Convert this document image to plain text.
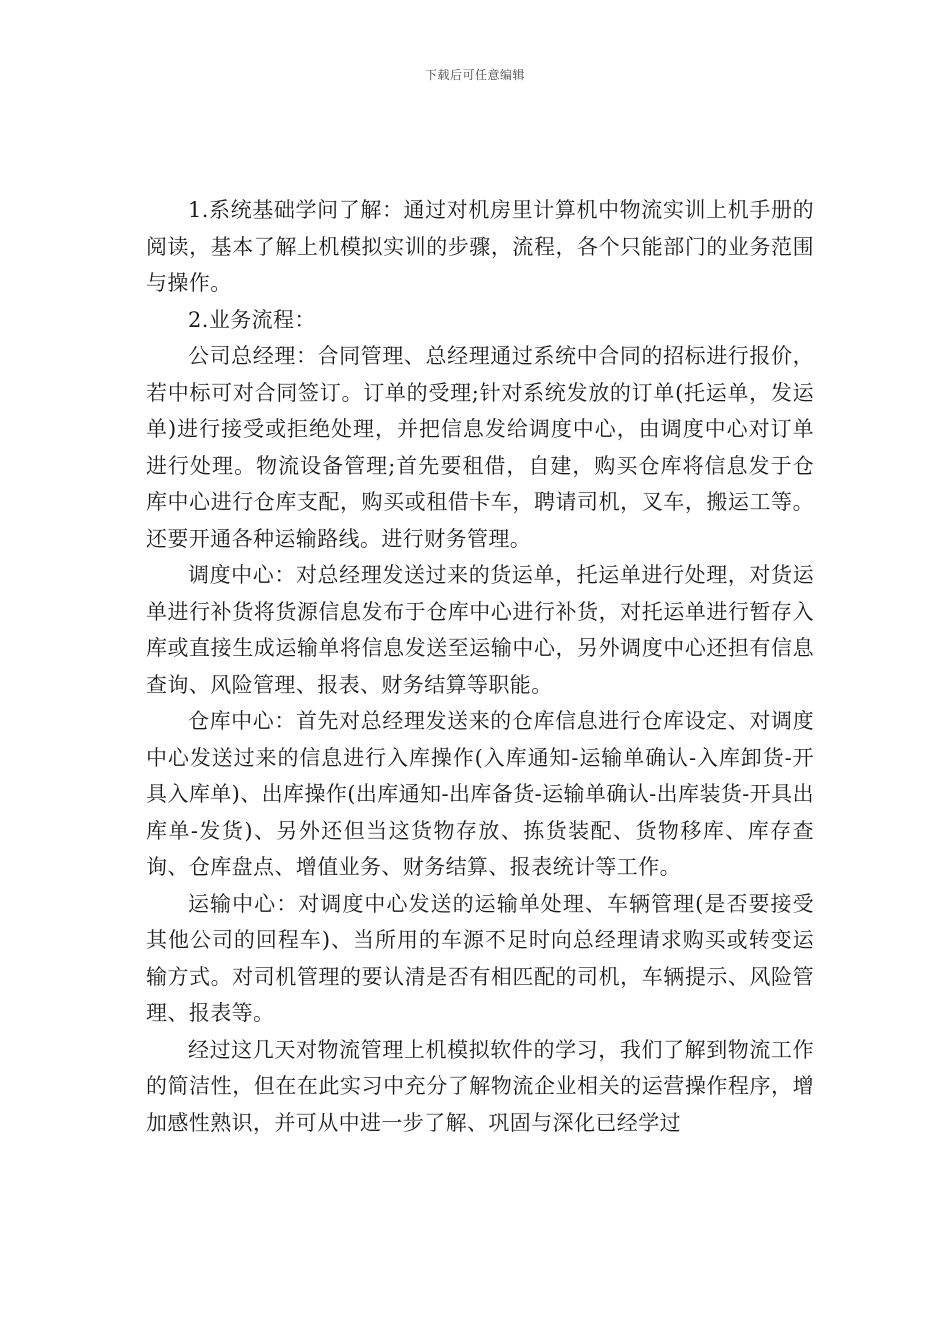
下载后可任意编辑

1.系统基础学问了解：通过对机房里计算机中物流实训上机手册的阅读，基本了解上机模拟实训的步骤，流程，各个只能部门的业务范围与操作。

2.业务流程：

公司总经理：合同管理、总经理通过系统中合同的招标进行报价，若中标可对合同签订。订单的受理;针对系统发放的订单(托运单，发运单)进行接受或拒绝处理，并把信息发给调度中心，由调度中心对订单进行处理。物流设备管理;首先要租借，自建，购买仓库将信息发于仓库中心进行仓库支配，购买或租借卡车，聘请司机，叉车，搬运工等。还要开通各种运输路线。进行财务管理。

调度中心：对总经理发送过来的货运单，托运单进行处理，对货运单进行补货将货源信息发布于仓库中心进行补货，对托运单进行暂存入库或直接生成运输单将信息发送至运输中心，另外调度中心还担有信息查询、风险管理、报表、财务结算等职能。

仓库中心：首先对总经理发送来的仓库信息进行仓库设定、对调度中心发送过来的信息进行入库操作(入库通知-运输单确认-入库卸货-开具入库单)、出库操作(出库通知-出库备货-运输单确认-出库装货-开具出库单-发货)、另外还但当这货物存放、拣货装配、货物移库、库存查询、仓库盘点、增值业务、财务结算、报表统计等工作。

运输中心：对调度中心发送的运输单处理、车辆管理(是否要接受其他公司的回程车)、当所用的车源不足时向总经理请求购买或转变运输方式。对司机管理的要认清是否有相匹配的司机，车辆提示、风险管理、报表等。

经过这几天对物流管理上机模拟软件的学习，我们了解到物流工作的简洁性，但在在此实习中充分了解物流企业相关的运营操作程序，增加感性熟识，并可从中进一步了解、巩固与深化已经学过
